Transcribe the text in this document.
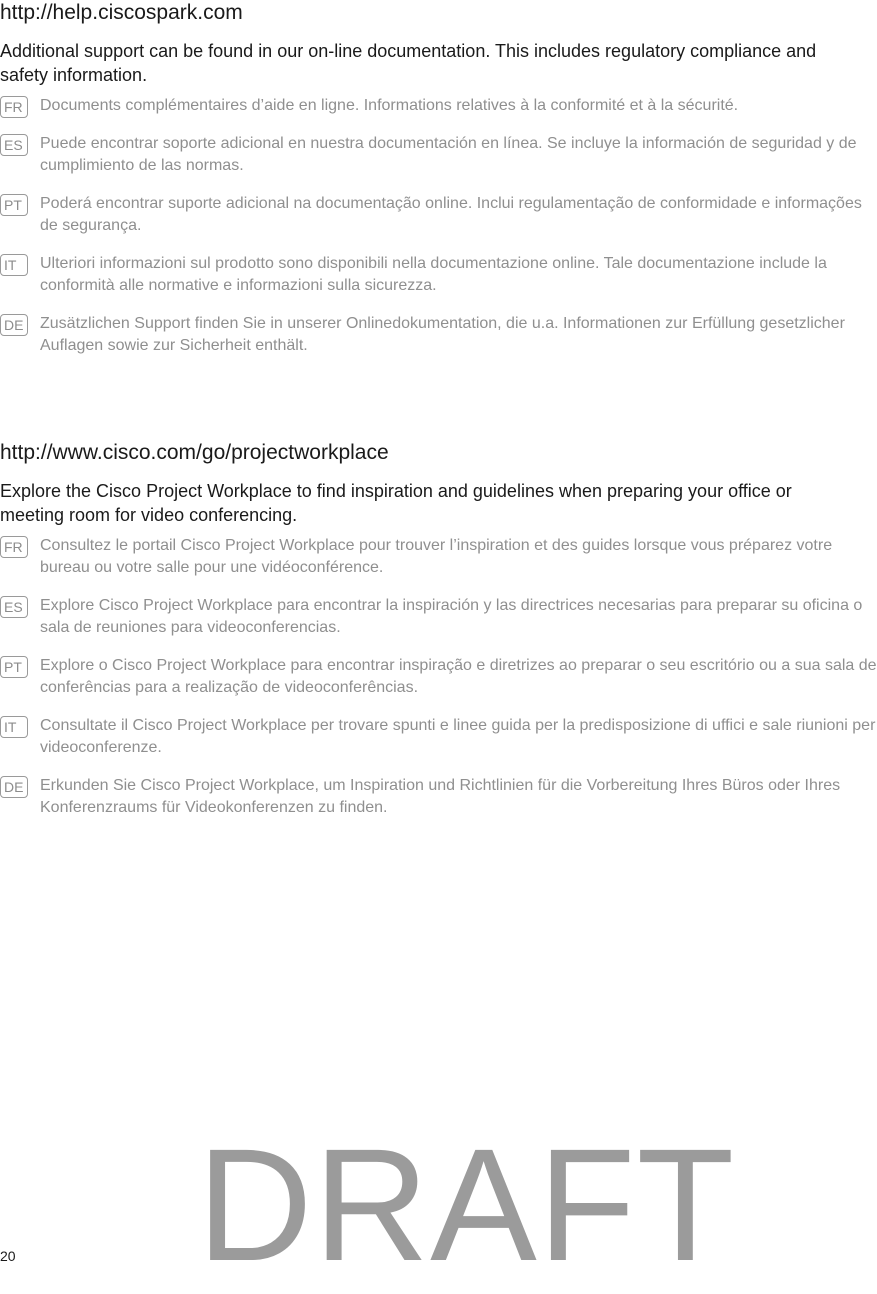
http://help.ciscospark.com

Additional support can be found in our on-line documentation. This includes regulatory compliance and safety information.

FR	Documents complémentaires d’aide en ligne. Informations relatives à la conformité et à la sécurité.
ES	Puede encontrar soporte adicional en nuestra documentación en línea. Se incluye la información de seguridad y de cumplimiento de las normas.
PT	Poderá encontrar suporte adicional na documentação online. Inclui regulamentação de conformidade e informações de segurança.
IT	Ulteriori informazioni sul prodotto sono disponibili nella documentazione online. Tale documentazione include la conformità alle normative e informazioni sulla sicurezza.
DE Zusätzlichen Support finden Sie in unserer Onlinedokumentation, die u.a. Informationen zur Erfüllung gesetzlicher Auflagen sowie zur Sicherheit enthält.

http://www.cisco.com/go/projectworkplace

Explore the Cisco Project Workplace to find inspiration and guidelines when preparing your office or meeting room for video conferencing.

FR	Consultez le portail Cisco Project Workplace pour trouver l’inspiration et des guides lorsque vous préparez votre bureau ou votre salle pour une vidéoconférence.
ES	Explore Cisco Project Workplace para encontrar la inspiración y las directrices necesarias para preparar su oficina o sala de reuniones para videoconferencias.
PT	Explore o Cisco Project Workplace para encontrar inspiração e diretrizes ao preparar o seu escritório ou a sua sala de conferências para a realização de videoconferências.
IT	Consultate il Cisco Project Workplace per trovare spunti e linee guida per la predisposizione di uffici e sale riunioni per videoconferenze.
DE Erkunden Sie Cisco Project Workplace, um Inspiration und Richtlinien für die Vorbereitung Ihres Büros oder Ihres Konferenzraums für Videokonferenzen zu finden.
DRAFT
20
